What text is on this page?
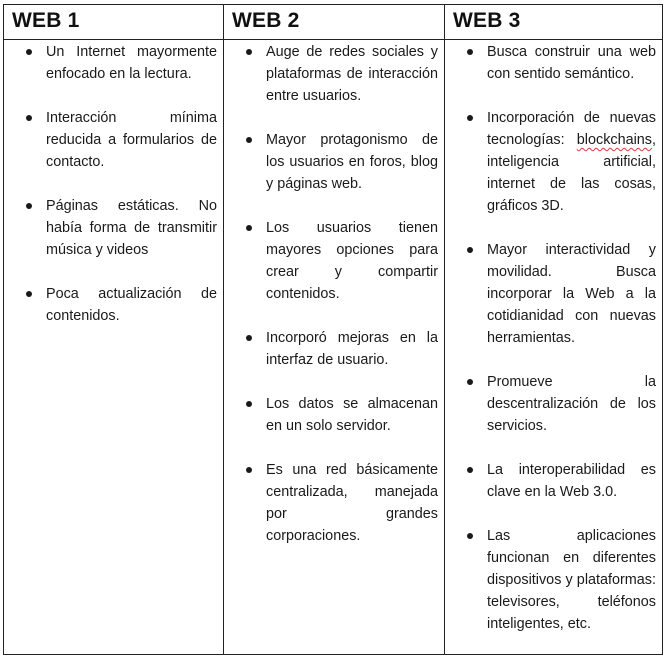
WEB 1
Un Internet mayormente enfocado en la lectura.
Interacción mínima reducida a formularios de contacto.
Páginas estáticas. No había forma de transmitir música y videos
Poca actualización de contenidos.
WEB 2
Auge de redes sociales y plataformas de interacción entre usuarios.
Mayor protagonismo de los usuarios en foros, blog y páginas web.
Los usuarios tienen mayores opciones para crear y compartir contenidos.
Incorporó mejoras en la interfaz de usuario.
Los datos se almacenan en un solo servidor.
Es una red básicamente centralizada, manejada por grandes corporaciones.
WEB 3
Busca construir una web con sentido semántico.
Incorporación de nuevas tecnologías: blockchains, inteligencia artificial, internet de las cosas, gráficos 3D.
Mayor interactividad y movilidad. Busca incorporar la Web a la cotidianidad con nuevas herramientas.
Promueve la descentralización de los servicios.
La interoperabilidad es clave en la Web 3.0.
Las aplicaciones funcionan en diferentes dispositivos y plataformas: televisores, teléfonos inteligentes, etc.
